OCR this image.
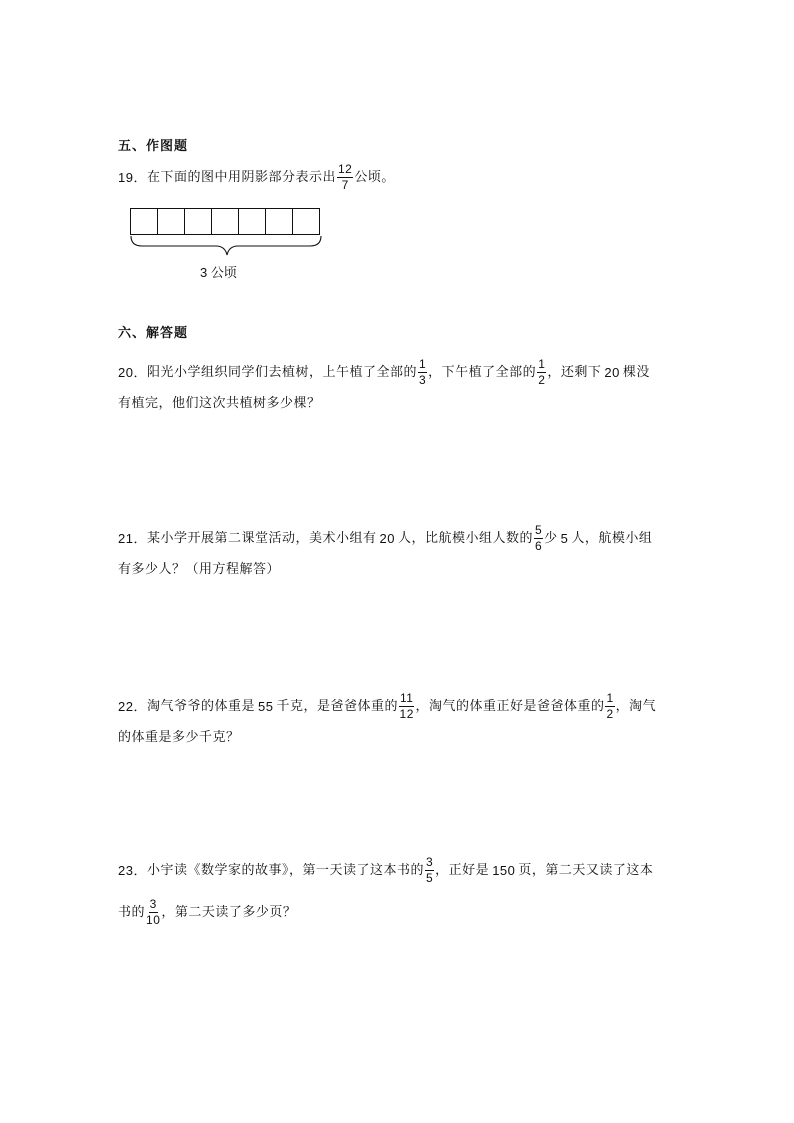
五、作图题
19． 在下面的图中用阴影部分表示出 $\frac{12}{7}$ 公顷。
3 公顷
六、解答题
20． 阳光小学组织同学们去植树，上午植了全部的 $\frac{1}{3}$ ，下午植了全部的 $\frac{1}{2}$ ，还剩下 20 棵没
有植完，他们这次共植树多少棵？
21． 某小学开展第二课堂活动，美术小组有 20 人，比航模小组人数的 $\frac{5}{6}$ 少 5 人，航模小组
有多少人？（用方程解答）
22． 淘气爷爷的体重是 55 千克，是爸爸体重的 $\frac{11}{12}$ ，淘气的体重正好是爸爸体重的 $\frac{1}{2}$ ，淘气
的体重是多少千克？
23． 小宇读《数学家的故事》，第一天读了这本书的 $\frac{3}{5}$ ，正好是 150 页，第二天又读了这本
书的 $\frac{3}{10}$ ，第二天读了多少页？
